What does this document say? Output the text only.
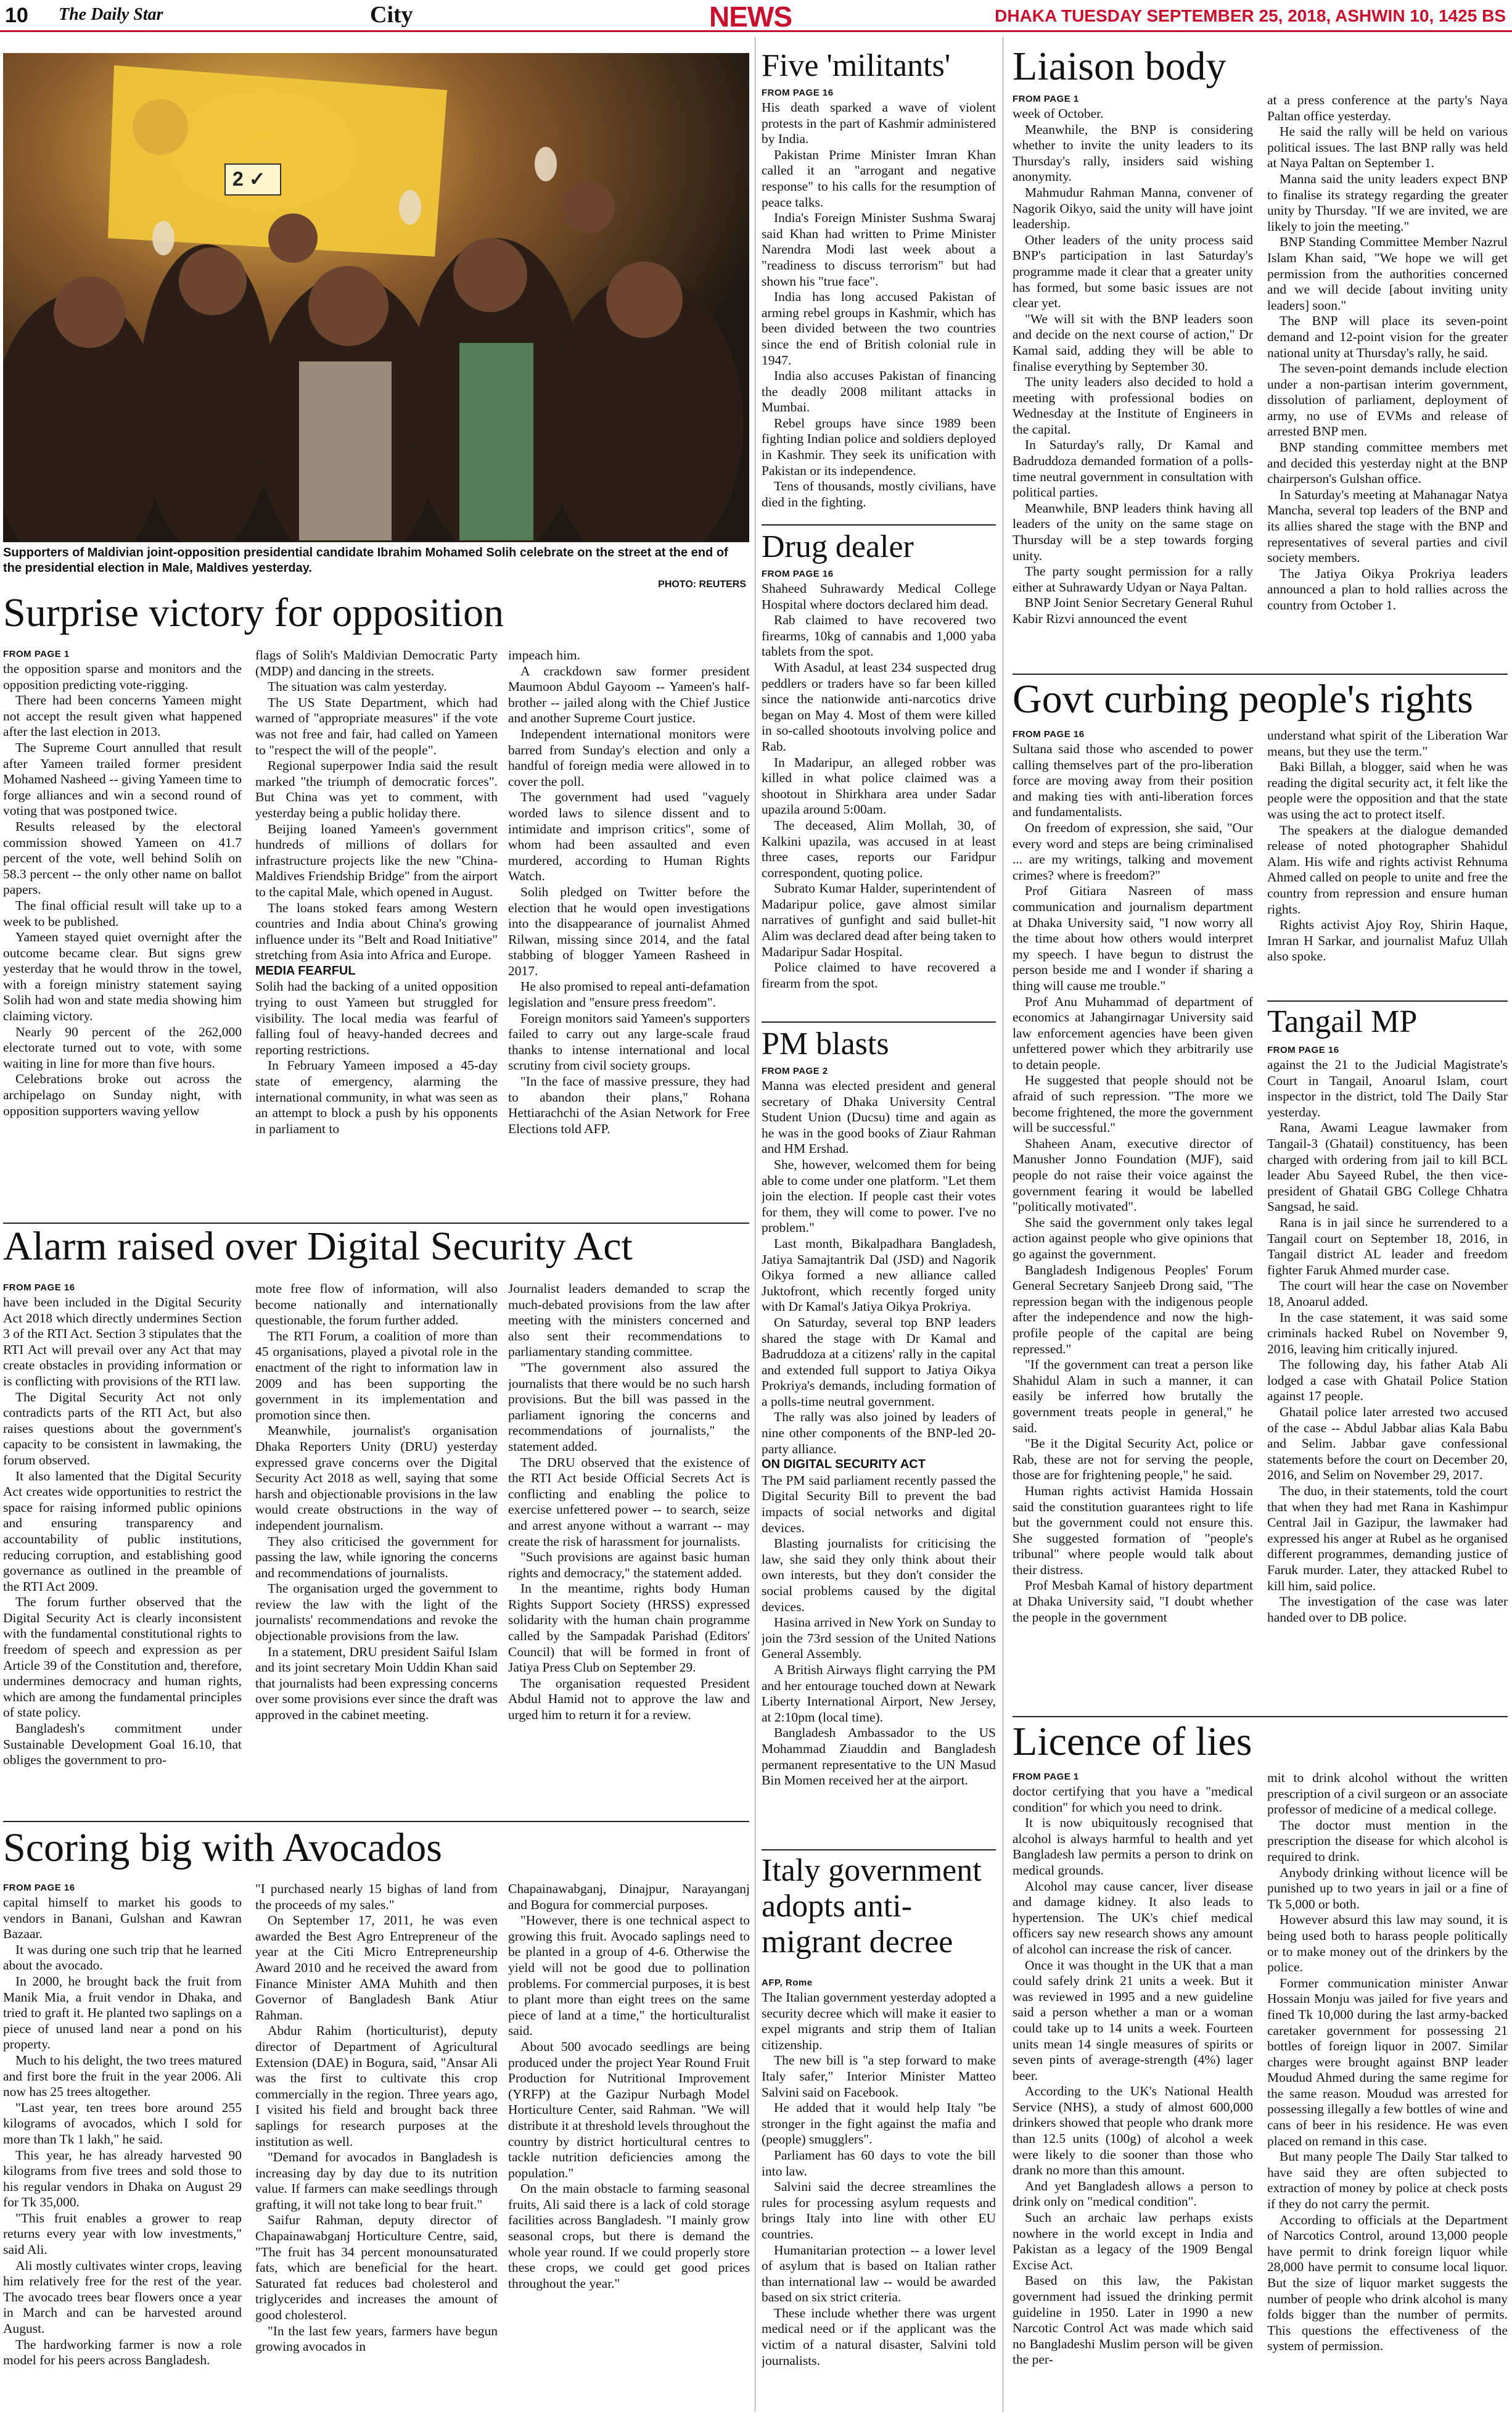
10 The Daily Star	City	NEWS	DHAKA TUESDAY SEPTEMBER 25, 2018, ASHWIN 10, 1425 BS
2 ✓
Supporters of Maldivian joint-opposition presidential candidate Ibrahim Mohamed Solih celebrate on the street at the end of the presidential election in Male, Maldives yesterday.
PHOTO: REUTERS
Surprise victory for opposition
FROM PAGE 1

the opposition sparse and monitors and the opposition predicting vote-rigging.

There had been concerns Yameen might not accept the result given what happened after the last election in 2013.

The Supreme Court annulled that result after Yameen trailed former president Mohamed Nasheed -- giving Yameen time to forge alliances and win a second round of voting that was postponed twice.

Results released by the electoral commission showed Yameen on 41.7 percent of the vote, well behind Solih on 58.3 percent -- the only other name on ballot papers.

The final official result will take up to a week to be published.

Yameen stayed quiet overnight after the outcome became clear. But signs grew yesterday that he would throw in the towel, with a foreign ministry statement saying Solih had won and state media showing him claiming victory.

Nearly 90 percent of the 262,000 electorate turned out to vote, with some waiting in line for more than five hours.

Celebrations broke out across the archipelago on Sunday night, with opposition supporters waving yellow

flags of Solih's Maldivian Democratic Party (MDP) and dancing in the streets.

The situation was calm yesterday.

The US State Department, which had warned of "appropriate measures" if the vote was not free and fair, had called on Yameen to "respect the will of the people".

Regional superpower India said the result marked "the triumph of democratic forces". But China was yet to comment, with yesterday being a public holiday there.

Beijing loaned Yameen's government hundreds of millions of dollars for infrastructure projects like the new "China-Maldives Friendship Bridge" from the airport to the capital Male, which opened in August.

The loans stoked fears among Western countries and India about China's growing influence under its "Belt and Road Initiative" stretching from Asia into Africa and Europe.

MEDIA FEARFUL

Solih had the backing of a united opposition trying to oust Yameen but struggled for visibility. The local media was fearful of falling foul of heavy-handed decrees and reporting restrictions.

In February Yameen imposed a 45-day state of emergency, alarming the international community, in what was seen as an attempt to block a push by his opponents in parliament to

impeach him.

A crackdown saw former president Maumoon Abdul Gayoom -- Yameen's half-brother -- jailed along with the Chief Justice and another Supreme Court justice.

Independent international monitors were barred from Sunday's election and only a handful of foreign media were allowed in to cover the poll.

The government had used "vaguely worded laws to silence dissent and to intimidate and imprison critics", some of whom had been assaulted and even murdered, according to Human Rights Watch.

Solih pledged on Twitter before the election that he would open investigations into the disappearance of journalist Ahmed Rilwan, missing since 2014, and the fatal stabbing of blogger Yameen Rasheed in 2017.

He also promised to repeal anti-defamation legislation and "ensure press freedom".

Foreign monitors said Yameen's supporters failed to carry out any large-scale fraud thanks to intense international and local scrutiny from civil society groups.

"In the face of massive pressure, they had to abandon their plans," Rohana Hettiarachchi of the Asian Network for Free Elections told AFP.

Alarm raised over Digital Security Act
FROM PAGE 16

have been included in the Digital Security Act 2018 which directly undermines Section 3 of the RTI Act. Section 3 stipulates that the RTI Act will prevail over any Act that may create obstacles in providing information or is conflicting with provisions of the RTI law.

The Digital Security Act not only contradicts parts of the RTI Act, but also raises questions about the government's capacity to be consistent in lawmaking, the forum observed.

It also lamented that the Digital Security Act creates wide opportunities to restrict the space for raising informed public opinions and ensuring transparency and accountability of public institutions, reducing corruption, and establishing good governance as outlined in the preamble of the RTI Act 2009.

The forum further observed that the Digital Security Act is clearly inconsistent with the fundamental constitutional rights to freedom of speech and expression as per Article 39 of the Constitution and, therefore, undermines democracy and human rights, which are among the fundamental principles of state policy.

Bangladesh's commitment under Sustainable Development Goal 16.10, that obliges the government to pro-

mote free flow of information, will also become nationally and internationally questionable, the forum further added.

The RTI Forum, a coalition of more than 45 organisations, played a pivotal role in the enactment of the right to information law in 2009 and has been supporting the government in its implementation and promotion since then.

Meanwhile, journalist's organisation Dhaka Reporters Unity (DRU) yesterday expressed grave concerns over the Digital Security Act 2018 as well, saying that some harsh and objectionable provisions in the law would create obstructions in the way of independent journalism.

They also criticised the government for passing the law, while ignoring the concerns and recommendations of journalists.

The organisation urged the government to review the law with the light of the journalists' recommendations and revoke the objectionable provisions from the law.

In a statement, DRU president Saiful Islam and its joint secretary Moin Uddin Khan said that journalists had been expressing concerns over some provisions ever since the draft was approved in the cabinet meeting.

Journalist leaders demanded to scrap the much-debated provisions from the law after meeting with the ministers concerned and also sent their recommendations to parliamentary standing committee.

"The government also assured the journalists that there would be no such harsh provisions. But the bill was passed in the parliament ignoring the concerns and recommendations of journalists," the statement added.

The DRU observed that the existence of the RTI Act beside Official Secrets Act is conflicting and enabling the police to exercise unfettered power -- to search, seize and arrest anyone without a warrant -- may create the risk of harassment for journalists.

"Such provisions are against basic human rights and democracy," the statement added.

In the meantime, rights body Human Rights Support Society (HRSS) expressed solidarity with the human chain programme called by the Sampadak Parishad (Editors' Council) that will be formed in front of Jatiya Press Club on September 29.

The organisation requested President Abdul Hamid not to approve the law and urged him to return it for a review.

Scoring big with Avocados
FROM PAGE 16

capital himself to market his goods to vendors in Banani, Gulshan and Kawran Bazaar.

It was during one such trip that he learned about the avocado.

In 2000, he brought back the fruit from Manik Mia, a fruit vendor in Dhaka, and tried to graft it. He planted two saplings on a piece of unused land near a pond on his property.

Much to his delight, the two trees matured and first bore the fruit in the year 2006. Ali now has 25 trees altogether.

"Last year, ten trees bore around 255 kilograms of avocados, which I sold for more than Tk 1 lakh," he said.

This year, he has already harvested 90 kilograms from five trees and sold those to his regular vendors in Dhaka on August 29 for Tk 35,000.

"This fruit enables a grower to reap returns every year with low investments," said Ali.

Ali mostly cultivates winter crops, leaving him relatively free for the rest of the year. The avocado trees bear flowers once a year in March and can be harvested around August.

The hardworking farmer is now a role model for his peers across Bangladesh.

"I purchased nearly 15 bighas of land from the proceeds of my sales."

On September 17, 2011, he was even awarded the Best Agro Entrepreneur of the year at the Citi Micro Entrepreneurship Award 2010 and he received the award from Finance Minister AMA Muhith and then Governor of Bangladesh Bank Atiur Rahman.

Abdur Rahim (horticulturist), deputy director of Department of Agricultural Extension (DAE) in Bogura, said, "Ansar Ali was the first to cultivate this crop commercially in the region. Three years ago, I visited his field and brought back three saplings for research purposes at the institution as well.

"Demand for avocados in Bangladesh is increasing day by day due to its nutrition value. If farmers can make seedlings through grafting, it will not take long to bear fruit."

Saifur Rahman, deputy director of Chapainawabganj Horticulture Centre, said, "The fruit has 34 percent monounsaturated fats, which are beneficial for the heart. Saturated fat reduces bad cholesterol and triglycerides and increases the amount of good cholesterol.

"In the last few years, farmers have begun growing avocados in

Chapainawabganj, Dinajpur, Narayanganj and Bogura for commercial purposes.

"However, there is one technical aspect to growing this fruit. Avocado saplings need to be planted in a group of 4-6. Otherwise the yield will not be good due to pollination problems. For commercial purposes, it is best to plant more than eight trees on the same piece of land at a time," the horticulturalist said.

About 500 avocado seedlings are being produced under the project Year Round Fruit Production for Nutritional Improvement (YRFP) at the Gazipur Nurbagh Model Horticulture Center, said Rahman. "We will distribute it at threshold levels throughout the country by district horticultural centres to tackle nutrition deficiencies among the population."

On the main obstacle to farming seasonal fruits, Ali said there is a lack of cold storage facilities across Bangladesh. "I mainly grow seasonal crops, but there is demand the whole year round. If we could properly store these crops, we could get good prices throughout the year."

Five 'militants'
FROM PAGE 16

His death sparked a wave of violent protests in the part of Kashmir administered by India.

Pakistan Prime Minister Imran Khan called it an "arrogant and negative response" to his calls for the resumption of peace talks.

India's Foreign Minister Sushma Swaraj said Khan had written to Prime Minister Narendra Modi last week about a "readiness to discuss terrorism" but had shown his "true face".

India has long accused Pakistan of arming rebel groups in Kashmir, which has been divided between the two countries since the end of British colonial rule in 1947.

India also accuses Pakistan of financing the deadly 2008 militant attacks in Mumbai.

Rebel groups have since 1989 been fighting Indian police and soldiers deployed in Kashmir. They seek its unification with Pakistan or its independence.

Tens of thousands, mostly civilians, have died in the fighting.

Drug dealer
FROM PAGE 16

Shaheed Suhrawardy Medical College Hospital where doctors declared him dead.

Rab claimed to have recovered two firearms, 10kg of cannabis and 1,000 yaba tablets from the spot.

With Asadul, at least 234 suspected drug peddlers or traders have so far been killed since the nationwide anti-narcotics drive began on May 4. Most of them were killed in so-called shootouts involving police and Rab.

In Madaripur, an alleged robber was killed in what police claimed was a shootout in Shirkhara area under Sadar upazila around 5:00am.

The deceased, Alim Mollah, 30, of Kalkini upazila, was accused in at least three cases, reports our Faridpur correspondent, quoting police.

Subrato Kumar Halder, superintendent of Madaripur police, gave almost similar narratives of gunfight and said bullet-hit Alim was declared dead after being taken to Madaripur Sadar Hospital.

Police claimed to have recovered a firearm from the spot.

PM blasts
FROM PAGE 2

Manna was elected president and general secretary of Dhaka University Central Student Union (Ducsu) time and again as he was in the good books of Ziaur Rahman and HM Ershad.

She, however, welcomed them for being able to come under one platform. "Let them join the election. If people cast their votes for them, they will come to power. I've no problem."

Last month, Bikalpadhara Bangladesh, Jatiya Samajtantrik Dal (JSD) and Nagorik Oikya formed a new alliance called Juktofront, which recently forged unity with Dr Kamal's Jatiya Oikya Prokriya.

On Saturday, several top BNP leaders shared the stage with Dr Kamal and Badruddoza at a citizens' rally in the capital and extended full support to Jatiya Oikya Prokriya's demands, including formation of a polls-time neutral government.

The rally was also joined by leaders of nine other components of the BNP-led 20-party alliance.

ON DIGITAL SECURITY ACT

The PM said parliament recently passed the Digital Security Bill to prevent the bad impacts of social networks and digital devices.

Blasting journalists for criticising the law, she said they only think about their own interests, but they don't consider the social problems caused by the digital devices.

Hasina arrived in New York on Sunday to join the 73rd session of the United Nations General Assembly.

A British Airways flight carrying the PM and her entourage touched down at Newark Liberty International Airport, New Jersey, at 2:10pm (local time).

Bangladesh Ambassador to the US Mohammad Ziauddin and Bangladesh permanent representative to the UN Masud Bin Momen received her at the airport.

Italy government adopts anti-migrant decree
AFP, Rome

The Italian government yesterday adopted a security decree which will make it easier to expel migrants and strip them of Italian citizenship.

The new bill is "a step forward to make Italy safer," Interior Minister Matteo Salvini said on Facebook.

He added that it would help Italy "be stronger in the fight against the mafia and (people) smugglers".

Parliament has 60 days to vote the bill into law.

Salvini said the decree streamlines the rules for processing asylum requests and brings Italy into line with other EU countries.

Humanitarian protection -- a lower level of asylum that is based on Italian rather than international law -- would be awarded based on six strict criteria.

These include whether there was urgent medical need or if the applicant was the victim of a natural disaster, Salvini told journalists.

Liaison body
FROM PAGE 1

week of October.

Meanwhile, the BNP is considering whether to invite the unity leaders to its Thursday's rally, insiders said wishing anonymity.

Mahmudur Rahman Manna, convener of Nagorik Oikyo, said the unity will have joint leadership.

Other leaders of the unity process said BNP's participation in last Saturday's programme made it clear that a greater unity has formed, but some basic issues are not clear yet.

"We will sit with the BNP leaders soon and decide on the next course of action," Dr Kamal said, adding they will be able to finalise everything by September 30.

The unity leaders also decided to hold a meeting with professional bodies on Wednesday at the Institute of Engineers in the capital.

In Saturday's rally, Dr Kamal and Badruddoza demanded formation of a polls-time neutral government in consultation with political parties.

Meanwhile, BNP leaders think having all leaders of the unity on the same stage on Thursday will be a step towards forging unity.

The party sought permission for a rally either at Suhrawardy Udyan or Naya Paltan.

BNP Joint Senior Secretary General Ruhul Kabir Rizvi announced the event

at a press conference at the party's Naya Paltan office yesterday.

He said the rally will be held on various political issues. The last BNP rally was held at Naya Paltan on September 1.

Manna said the unity leaders expect BNP to finalise its strategy regarding the greater unity by Thursday. "If we are invited, we are likely to join the meeting."

BNP Standing Committee Member Nazrul Islam Khan said, "We hope we will get permission from the authorities concerned and we will decide [about inviting unity leaders] soon."

The BNP will place its seven-point demand and 12-point vision for the greater national unity at Thursday's rally, he said.

The seven-point demands include election under a non-partisan interim government, dissolution of parliament, deployment of army, no use of EVMs and release of arrested BNP men.

BNP standing committee members met and decided this yesterday night at the BNP chairperson's Gulshan office.

In Saturday's meeting at Mahanagar Natya Mancha, several top leaders of the BNP and its allies shared the stage with the BNP and representatives of several parties and civil society members.

The Jatiya Oikya Prokriya leaders announced a plan to hold rallies across the country from October 1.

Govt curbing people's rights
FROM PAGE 16

Sultana said those who ascended to power calling themselves part of the pro-liberation force are moving away from their position and making ties with anti-liberation forces and fundamentalists.

On freedom of expression, she said, "Our every word and steps are being criminalised ... are my writings, talking and movement crimes? where is freedom?"

Prof Gitiara Nasreen of mass communication and journalism department at Dhaka University said, "I now worry all the time about how others would interpret my speech. I have begun to distrust the person beside me and I wonder if sharing a thing will cause me trouble."

Prof Anu Muhammad of department of economics at Jahangirnagar University said law enforcement agencies have been given unfettered power which they arbitrarily use to detain people.

He suggested that people should not be afraid of such repression. "The more we become frightened, the more the government will be successful."

Shaheen Anam, executive director of Manusher Jonno Foundation (MJF), said people do not raise their voice against the government fearing it would be labelled "politically motivated".

She said the government only takes legal action against people who give opinions that go against the government.

Bangladesh Indigenous Peoples' Forum General Secretary Sanjeeb Drong said, "The repression began with the indigenous people after the independence and now the high-profile people of the capital are being repressed."

"If the government can treat a person like Shahidul Alam in such a manner, it can easily be inferred how brutally the government treats people in general," he said.

"Be it the Digital Security Act, police or Rab, these are not for serving the people, those are for frightening people," he said.

Human rights activist Hamida Hossain said the constitution guarantees right to life but the government could not ensure this. She suggested formation of "people's tribunal" where people would talk about their distress.

Prof Mesbah Kamal of history department at Dhaka University said, "I doubt whether the people in the government

understand what spirit of the Liberation War means, but they use the term."

Baki Billah, a blogger, said when he was reading the digital security act, it felt like the people were the opposition and that the state was using the act to protect itself.

The speakers at the dialogue demanded release of noted photographer Shahidul Alam. His wife and rights activist Rehnuma Ahmed called on people to unite and free the country from repression and ensure human rights.

Rights activist Ajoy Roy, Shirin Haque, Imran H Sarkar, and journalist Mafuz Ullah also spoke.

Tangail MP
FROM PAGE 16

against the 21 to the Judicial Magistrate's Court in Tangail, Anoarul Islam, court inspector in the district, told The Daily Star yesterday.

Rana, Awami League lawmaker from Tangail-3 (Ghatail) constituency, has been charged with ordering from jail to kill BCL leader Abu Sayeed Rubel, the then vice-president of Ghatail GBG College Chhatra Sangsad, he said.

Rana is in jail since he surrendered to a Tangail court on September 18, 2016, in Tangail district AL leader and freedom fighter Faruk Ahmed murder case.

The court will hear the case on November 18, Anoarul added.

In the case statement, it was said some criminals hacked Rubel on November 9, 2016, leaving him critically injured.

The following day, his father Atab Ali lodged a case with Ghatail Police Station against 17 people.

Ghatail police later arrested two accused of the case -- Abdul Jabbar alias Kala Babu and Selim. Jabbar gave confessional statements before the court on December 20, 2016, and Selim on November 29, 2017.

The duo, in their statements, told the court that when they had met Rana in Kashimpur Central Jail in Gazipur, the lawmaker had expressed his anger at Rubel as he organised different programmes, demanding justice of Faruk murder. Later, they attacked Rubel to kill him, said police.

The investigation of the case was later handed over to DB police.

Licence of lies
FROM PAGE 1

doctor certifying that you have a "medical condition" for which you need to drink.

It is now ubiquitously recognised that alcohol is always harmful to health and yet Bangladesh law permits a person to drink on medical grounds.

Alcohol may cause cancer, liver disease and damage kidney. It also leads to hypertension. The UK's chief medical officers say new research shows any amount of alcohol can increase the risk of cancer.

Once it was thought in the UK that a man could safely drink 21 units a week. But it was reviewed in 1995 and a new guideline said a person whether a man or a woman could take up to 14 units a week. Fourteen units mean 14 single measures of spirits or seven pints of average-strength (4%) lager beer.

According to the UK's National Health Service (NHS), a study of almost 600,000 drinkers showed that people who drank more than 12.5 units (100g) of alcohol a week were likely to die sooner than those who drank no more than this amount.

And yet Bangladesh allows a person to drink only on "medical condition".

Such an archaic law perhaps exists nowhere in the world except in India and Pakistan as a legacy of the 1909 Bengal Excise Act.

Based on this law, the Pakistan government had issued the drinking permit guideline in 1950. Later in 1990 a new Narcotic Control Act was made which said no Bangladeshi Muslim person will be given the per-

mit to drink alcohol without the written prescription of a civil surgeon or an associate professor of medicine of a medical college.

The doctor must mention in the prescription the disease for which alcohol is required to drink.

Anybody drinking without licence will be punished up to two years in jail or a fine of Tk 5,000 or both.

However absurd this law may sound, it is being used both to harass people politically or to make money out of the drinkers by the police.

Former communication minister Anwar Hossain Monju was jailed for five years and fined Tk 10,000 during the last army-backed caretaker government for possessing 21 bottles of foreign liquor in 2007. Similar charges were brought against BNP leader Moudud Ahmed during the same regime for the same reason. Moudud was arrested for possessing illegally a few bottles of wine and cans of beer in his residence. He was even placed on remand in this case.

But many people The Daily Star talked to have said they are often subjected to extraction of money by police at check posts if they do not carry the permit.

According to officials at the Department of Narcotics Control, around 13,000 people have permit to drink foreign liquor while 28,000 have permit to consume local liquor. But the size of liquor market suggests the number of people who drink alcohol is many folds bigger than the number of permits. This questions the effectiveness of the system of permission.
